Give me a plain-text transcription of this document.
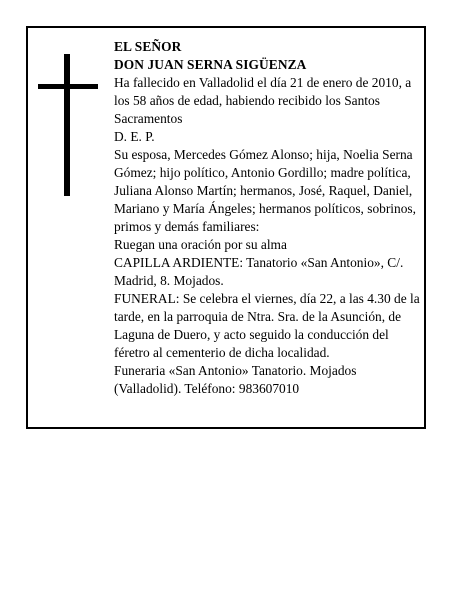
EL SEÑOR

DON JUAN SERNA SIGÜENZA

Ha fallecido en Valladolid el día 21 de enero de 2010, a los 58 años de edad, habiendo recibido los Santos Sacramentos

D. E. P.

Su esposa, Mercedes Gómez Alonso; hija, Noelia Serna Gómez; hijo político, Antonio Gordillo; madre política, Juliana Alonso Martín; hermanos, José, Raquel, Daniel, Mariano y María Ángeles; hermanos políticos, sobrinos, primos y demás familiares:

Ruegan una oración por su alma

CAPILLA ARDIENTE: Tanatorio «San Antonio», C/. Madrid, 8. Mojados.

FUNERAL: Se celebra el viernes, día 22, a las 4.30 de la tarde, en la parroquia de Ntra. Sra. de la Asunción, de Laguna de Duero, y acto seguido la conducción del féretro al cementerio de dicha localidad.

Funeraria «San Antonio» Tanatorio. Mojados (Valladolid). Teléfono: 983607010
